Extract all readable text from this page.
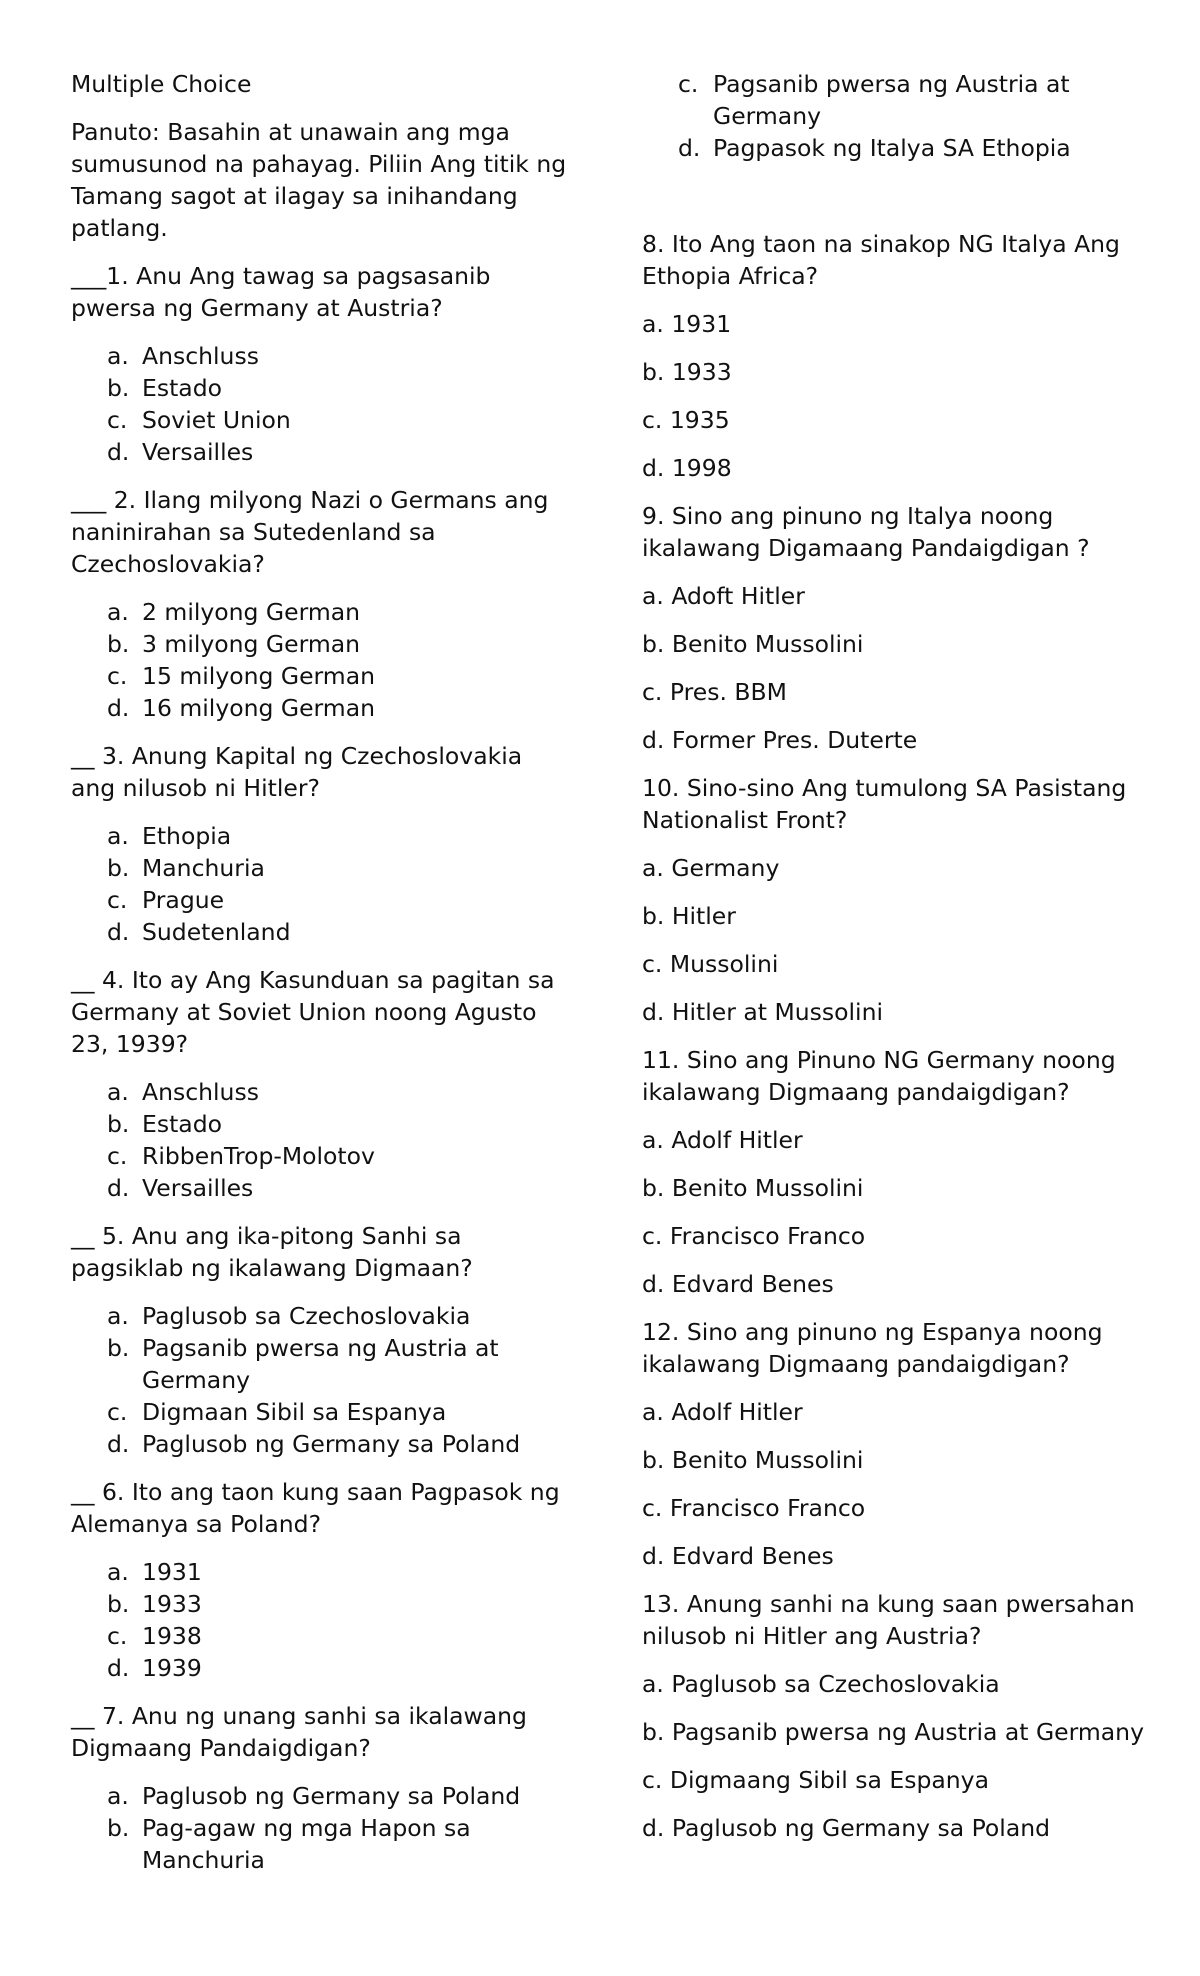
Multiple Choice

Panuto: Basahin at unawain ang mga sumusunod na pahayag. Piliin Ang titik ng Tamang sagot at ilagay sa inihandang patlang.

___1. Anu Ang tawag sa pagsasanib pwersa ng Germany at Austria?

a. Anschluss
b. Estado
c. Soviet Union
d. Versailles

___ 2. Ilang milyong Nazi o Germans ang naninirahan sa Sutedenland sa Czechoslovakia?

a. 2 milyong German
b. 3 milyong German
c. 15 milyong German
d. 16 milyong German

__ 3. Anung Kapital ng Czechoslovakia ang nilusob ni Hitler?

a. Ethopia
b. Manchuria
c. Prague
d. Sudetenland

__ 4. Ito ay Ang Kasunduan sa pagitan sa Germany at Soviet Union noong Agusto 23, 1939?

a. Anschluss
b. Estado
c. RibbenTrop-Molotov
d. Versailles

__ 5. Anu ang ika-pitong Sanhi sa pagsiklab ng ikalawang Digmaan?

a. Paglusob sa Czechoslovakia
b. Pagsanib pwersa ng Austria at Germany
c. Digmaan Sibil sa Espanya
d. Paglusob ng Germany sa Poland

__ 6. Ito ang taon kung saan Pagpasok ng Alemanya sa Poland?

a. 1931
b. 1933
c. 1938
d. 1939

__ 7. Anu ng unang sanhi sa ikalawang Digmaang Pandaigdigan?

a. Paglusob ng Germany sa Poland
b. Pag-agaw ng mga Hapon sa Manchuria
c. Pagsanib pwersa ng Austria at Germany
d. Pagpasok ng Italya SA Ethopia

8. Ito Ang taon na sinakop NG Italya Ang Ethopia Africa?

a. 1931

b. 1933

c. 1935

d. 1998

9. Sino ang pinuno ng Italya noong ikalawang Digamaang Pandaigdigan ?

a. Adoft Hitler

b. Benito Mussolini

c. Pres. BBM

d. Former Pres. Duterte

10. Sino-sino Ang tumulong SA Pasistang Nationalist Front?

a. Germany

b. Hitler

c. Mussolini

d. Hitler at Mussolini

11. Sino ang Pinuno NG Germany noong ikalawang Digmaang pandaigdigan?

a. Adolf Hitler

b. Benito Mussolini

c. Francisco Franco

d. Edvard Benes

12. Sino ang pinuno ng Espanya noong ikalawang Digmaang pandaigdigan?

a. Adolf Hitler

b. Benito Mussolini

c. Francisco Franco

d. Edvard Benes

13. Anung sanhi na kung saan pwersahan nilusob ni Hitler ang Austria?

a. Paglusob sa Czechoslovakia

b. Pagsanib pwersa ng Austria at Germany

c. Digmaang Sibil sa Espanya

d. Paglusob ng Germany sa Poland
